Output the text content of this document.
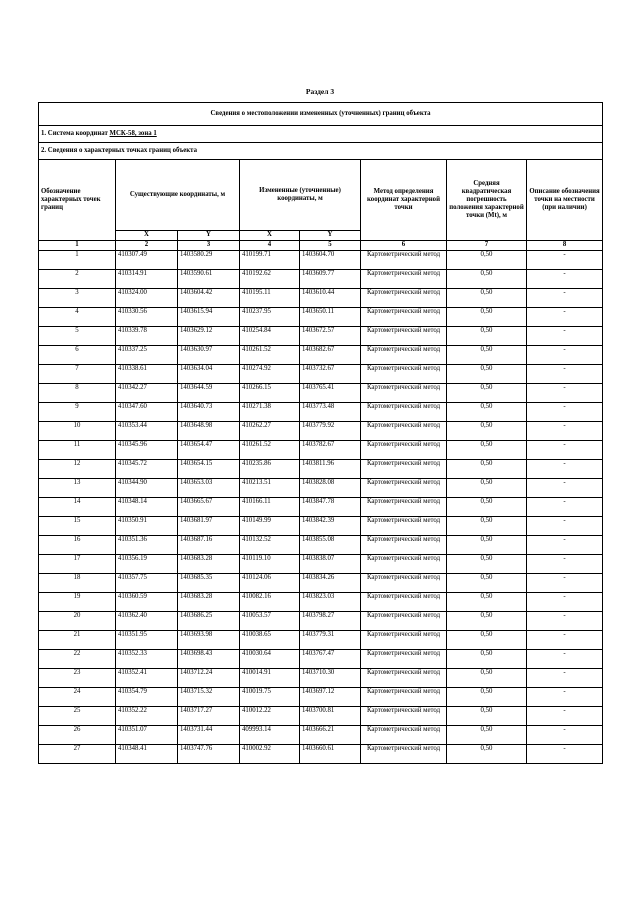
Раздел 3
Сведения о местоположении измененных (уточненных) границ объекта							
1. Система координат МСК-58, зона 1							
2. Сведения о характерных точках границ объекта							
Обозначение характерных точек границ	Существующие координаты, м		Измененные (уточненные) координаты, м		Метод определения координат характерной точки	Средняя квадратическая погрешность положения характерной точки (Mt), м	Описание обозначения точки на местности (при наличии)
	X	Y	X	Y			
1	2	3	4	5	6	7	8
1	410307.49	1403580.29	410199.71	1403604.70	Картометрический метод	0,50	-
2	410314.91	1403590.61	410192.62	1403609.77	Картометрический метод	0,50	-
3	410324.00	1403604.42	410195.11	1403610.44	Картометрический метод	0,50	-
4	410330.56	1403615.94	410237.95	1403650.11	Картометрический метод	0,50	-
5	410339.78	1403629.12	410254.84	1403672.57	Картометрический метод	0,50	-
6	410337.25	1403630.97	410261.52	1403682.67	Картометрический метод	0,50	-
7	410338.61	1403634.04	410274.92	1403732.67	Картометрический метод	0,50	-
8	410342.27	1403644.59	410266.15	1403765.41	Картометрический метод	0,50	-
9	410347.60	1403640.73	410271.38	1403773.48	Картометрический метод	0,50	-
10	410353.44	1403648.98	410262.27	1403779.92	Картометрический метод	0,50	-
11	410345.96	1403654.47	410261.52	1403782.67	Картометрический метод	0,50	-
12	410345.72	1403654.15	410235.86	1403811.96	Картометрический метод	0,50	-
13	410344.90	1403653.03	410213.51	1403828.08	Картометрический метод	0,50	-
14	410348.14	1403665.67	410166.11	1403847.78	Картометрический метод	0,50	-
15	410350.91	1403681.97	410149.99	1403842.39	Картометрический метод	0,50	-
16	410351.36	1403687.16	410132.52	1403855.08	Картометрический метод	0,50	-
17	410356.19	1403683.28	410119.10	1403838.07	Картометрический метод	0,50	-
18	410357.75	1403685.35	410124.06	1403834.26	Картометрический метод	0,50	-
19	410360.59	1403683.28	410082.16	1403823.03	Картометрический метод	0,50	-
20	410362.40	1403686.25	410053.57	1403798.27	Картометрический метод	0,50	-
21	410351.95	1403693.98	410038.65	1403779.31	Картометрический метод	0,50	-
22	410352.33	1403698.43	410030.64	1403767.47	Картометрический метод	0,50	-
23	410352.41	1403712.24	410014.91	1403710.30	Картометрический метод	0,50	-
24	410354.79	1403715.32	410019.75	1403697.12	Картометрический метод	0,50	-
25	410352.22	1403717.27	410012.22	1403700.81	Картометрический метод	0,50	-
26	410351.07	1403731.44	409993.14	1403666.21	Картометрический метод	0,50	-
27	410348.41	1403747.76	410002.92	1403660.61	Картометрический метод	0,50	-
